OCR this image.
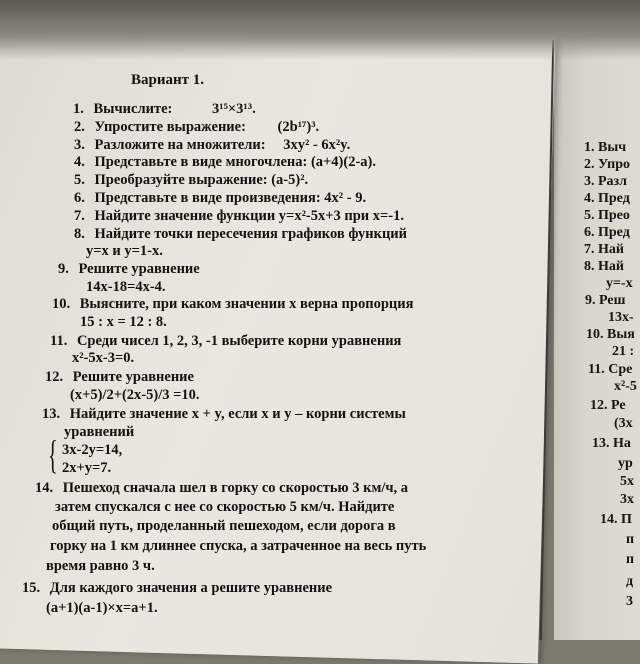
Вариант 1.
1. Вычислите:	3¹⁵×3¹³.
2. Упростите выражение: (2b¹⁷)³.
3. Разложите на множители: 3xy² - 6x²y.
4. Представьте в виде многочлена: (a+4)(2-a).
5. Преобразуйте выражение: (a-5)².
6. Представьте в виде произведения: 4x² - 9.
7. Найдите значение функции y=x²-5x+3 при x=-1.
8. Найдите точки пересечения графиков функций
y=x и y=1-x.
9. Решите уравнение
14x-18=4x-4.
10. Выясните, при каком значении x верна пропорция
15 : x = 12 : 8.
11. Среди чисел 1, 2, 3, -1 выберите корни уравнения
x²-5x-3=0.
12. Решите уравнение
(x+5)/2+(2x-5)/3 =10.
13. Найдите значение x + y, если x и y – корни системы
уравнений
{ 3x-2y=14,
2x+y=7.
14. Пешеход сначала шел в горку со скоростью 3 км/ч, а
затем спускался с нее со скоростью 5 км/ч. Найдите
общий путь, проделанный пешеходом, если дорога в
горку на 1 км длиннее спуска, а затраченное на весь путь
время равно 3 ч.
15. Для каждого значения a решите уравнение
(a+1)(a-1)×x=a+1.
1. Выч
2. Упро
3. Разл
4. Пред
5. Прео
6. Пред
7. Най
8. Най
y=-x
9. Реш
13x-
10. Выя
21 :
11. Сре
x²-5
12. Ре
(3x
13. На
ур
5x
3x
14. П
п
п
д
3
